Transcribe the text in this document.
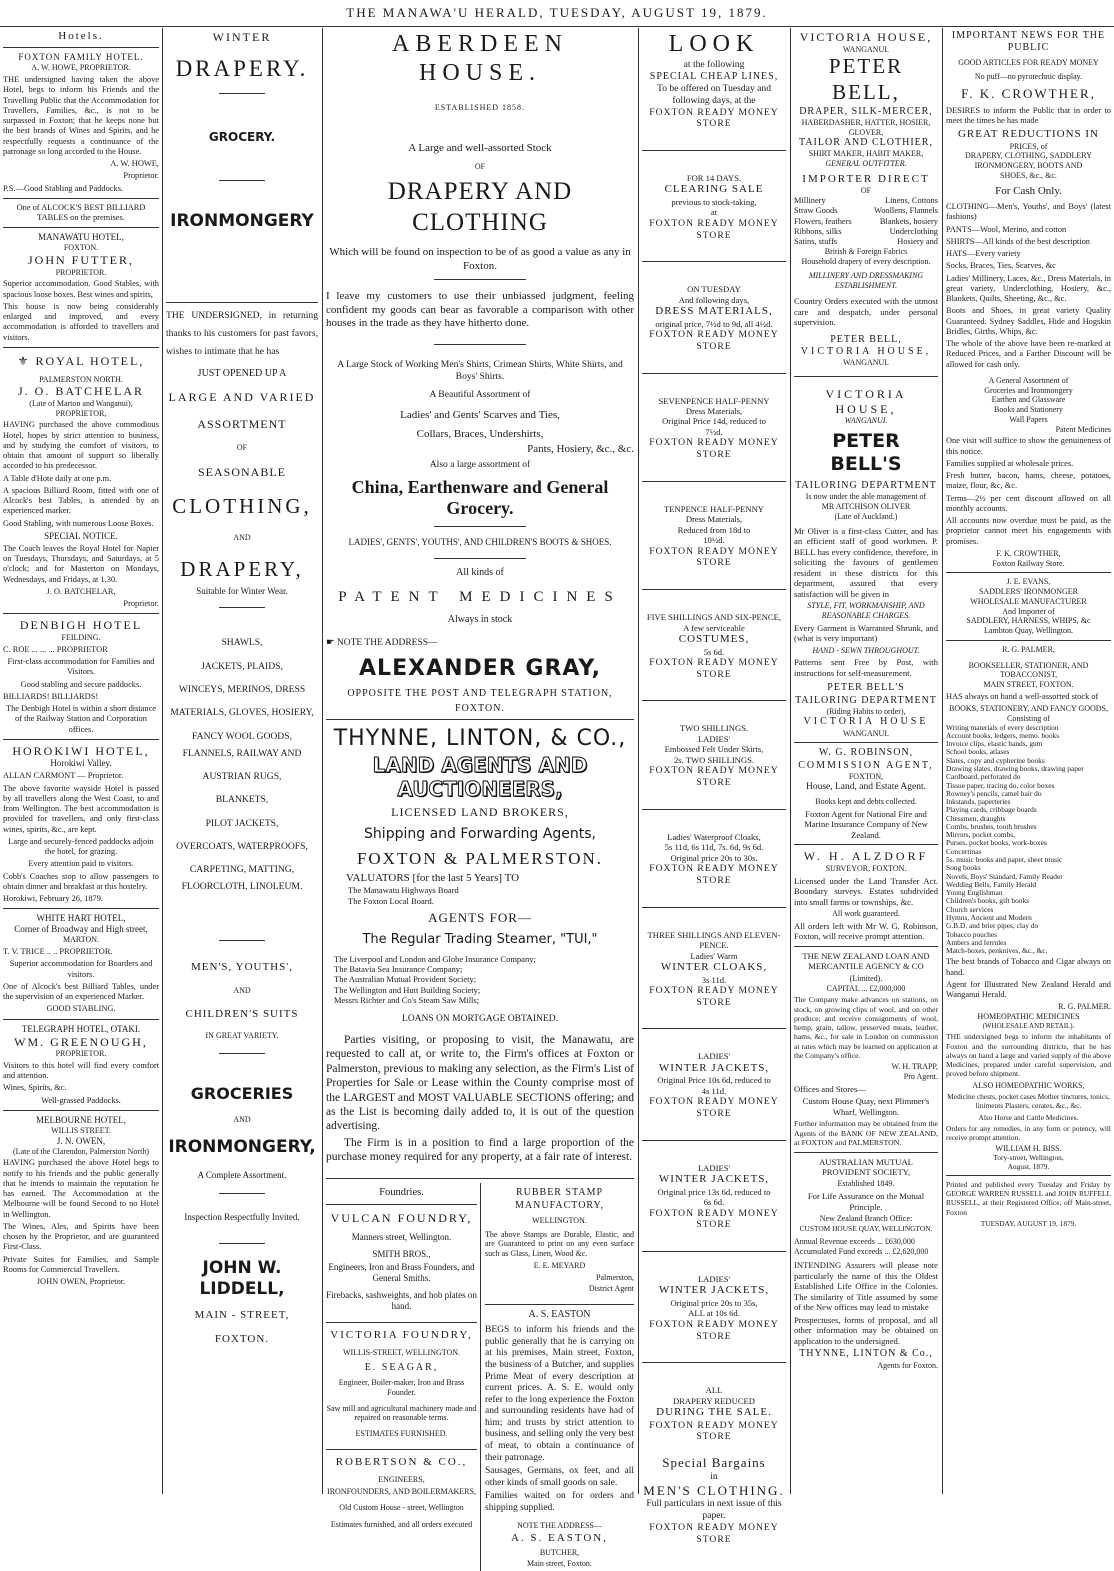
THE MANAWA'U HERALD, TUESDAY, AUGUST 19, 1879.
Hotels.
FOXTON FAMILY HOTEL.
A. W. HOWE, PROPRIETOR.

THE undersigned having taken the above Hotel, begs to inform his Friends and the Travelling Public that the Accommodation for Travellers, Families, &c., is not to be surpassed in Foxton; that he keeps none but the best brands of Wines and Spirits, and he respectfully requests a continuance of the patronage so long accorded to the House.

A. W. HOWE,

Proprietor.

P.S.—Good Stabling and Paddocks.

One of ALCOCK'S BEST BILLIARD TABLES on the premises.

MANAWATU HOTEL,
FOXTON.
JOHN FUTTER,
PROPRIETOR.

Superior accommodation. Good Stables, with spacious loose boxes. Best wines and spirits,

This house is now being considerably enlarged and improved, and every accommodation is afforded to travellers and visitors.

⚜ ROYAL HOTEL,
PALMERSTON NORTH.
J. O. BATCHELAR
(Late of Marton and Wanganui),
PROPRIETOR,

HAVING purchased the above commodious Hotel, hopes by strict attention to business, and by studying the comfort of visitors, to obtain that amount of support so liberally accorded to his predecessor.

A Table d'Hote daily at one p.m.

A spacious Billiard Room, fitted with one of Alcock's best Tables, is attended by an experienced marker.

Good Stabling, with numerous Loose Boxes.

SPECIAL NOTICE.

The Coach leaves the Royal Hotel for Napier on Tuesdays, Thursdays, and Saturdays, at 5 o'clock; and for Masterton on Mondays, Wednesdays, and Fridays, at 1.30.

J. O. BATCHELAR,

Proprietor.

DENBIGH HOTEL
FEILDING.

C. ROE ... ... ... PROPRIETOR

First-class accommodation for Families and Visitors.

Good stabling and secure paddocks.

BILLIARDS! BILLIARDS!

The Denbigh Hotel is within a short distance of the Railway Station and Corporation offices.

HOROKIWI HOTEL,
Horokiwi Valley.

ALLAN CARMONT — Proprietor.

The above favorite wayside Hotel is passed by all travellers along the West Coast, to and from Wellington. The best accommodation is provided for travellers, and only first-class wines, spirits, &c., are kept.

Large and securely-fenced paddocks adjoin the hotel, for grazing.

Every attention paid to visitors.

Cobb's Coaches stop to allow passengers to obtain dinner and breakfast at this hostelry.

Horokiwi, February 26, 1879.

WHITE HART HOTEL,
Corner of Broadway and High street,
MARTON.

T. V. TRICE .. .. PROPRIETOR.

Superior accommodation for Boarders and visitors.

One of Alcock's best Billiard Tables, under the supervision of an experienced Marker.

GOOD STABLING.

TELEGRAPH HOTEL, OTAKI.
WM. GREENOUGH,
PROPRIETOR.

Visitors to this hotel will find every comfort and attention.

Wines, Spirits, &c.

Well-grassed Paddocks.

MELBOURNE HOTEL,
WILLIS STREET.
J. N. OWEN,
(Late of the Clarendon, Palmerston North)

HAVING purchased the above Hotel begs to notify to his friends and the public generally that he intends to maintain the reputation he has earned. The Accommodation at the Melbourne will be found Second to no Hotel in Wellington.

The Wines, Ales, and Spirits have been chosen by the Proprietor, and are guaranteed First-Class.

Private Suites for Families, and Sample Rooms for Commercial Travellers.

JOHN OWEN, Proprietor.

WINTER
DRAPERY.
GROCERY.
IRONMONGERY

THE UNDERSIGNED, in returning thanks to his customers for past favors, wishes to intimate that he has

JUST OPENED UP A
LARGE AND VARIED
ASSORTMENT
OF
SEASONABLE
CLOTHING,
AND
DRAPERY,
Suitable for Winter Wear.
SHAWLS,
JACKETS, PLAIDS,
WINCEYS, MERINOS, DRESS
MATERIALS, GLOVES, HOSIERY,
FANCY WOOL GOODS, FLANNELS, RAILWAY AND
AUSTRIAN RUGS,
BLANKETS,
PILOT JACKETS,
OVERCOATS, WATERPROOFS,
CARPETING, MATTING, FLOORCLOTH, LINOLEUM.
MEN'S, YOUTHS',
AND
CHILDREN'S SUITS
IN GREAT VARIETY.
GROCERIES
AND
IRONMONGERY,
A Complete Assortment.
Inspection Respectfully Invited.
JOHN W. LIDDELL,
MAIN - STREET,
FOXTON.
ABERDEEN HOUSE.
ESTABLISHED 1858.
A Large and well-assorted Stock
OF
DRAPERY AND CLOTHING

Which will be found on inspection to be of as good a value as any in Foxton.

I leave my customers to use their unbiassed judgment, feeling confident my goods can bear as favorable a comparison with other houses in the trade as they have hitherto done.

A Large Stock of Working Men's Shirts, Crimean Shirts, White Shirts, and Boys' Shirts.

A Beautiful Assortment of

Ladies' and Gents' Scarves and Ties,

Collars, Braces, Undershirts,

Pants, Hosiery, &c., &c.

Also a large assortment of

China, Earthenware and General Grocery.

LADIES', GENTS', YOUTHS', AND CHILDREN'S BOOTS & SHOES.

All kinds of

PATENT MEDICINES

Always in stock

☛ NOTE THE ADDRESS—

ALEXANDER GRAY,

OPPOSITE THE POST AND TELEGRAPH STATION,

FOXTON.

THYNNE, LINTON, & CO.,
LAND AGENTS AND AUCTIONEERS,
LICENSED LAND BROKERS,
Shipping and Forwarding Agents,
FOXTON & PALMERSTON.
VALUATORS [for the last 5 Years] TO
The Manawatu Highways Board
The Foxton Local Board.
AGENTS FOR—
The Regular Trading Steamer, "TUI,"
The Liverpool and London and Globe Insurance Company;
The Batavia Sea Insurance Company;
The Australian Mutual Provident Society;
The Wellington and Hutt Building Society;
Messrs Richter and Co's Steam Saw Mills;
LOANS ON MORTGAGE OBTAINED.

Parties visiting, or proposing to visit, the Manawatu, are requested to call at, or write to, the Firm's offices at Foxton or Palmerston, previous to making any selection, as the Firm's List of Properties for Sale or Lease within the County comprise most of the LARGEST and MOST VALUABLE SECTIONS offering; and as the List is becoming daily added to, it is out of the question advertising.

The Firm is in a position to find a large proportion of the purchase money required for any property, at a fair rate of interest.

Foundries.
VULCAN FOUNDRY,

Manners street, Wellington.

SMITH BROS.,

Engineers, Iron and Brass Founders, and General Smiths.

Firebacks, sashweights, and hob plates on hand.

VICTORIA FOUNDRY,

WILLIS-STREET, WELLINGTON.

E. SEAGAR,

Engineer, Boiler-maker, Iron and Brass Founder.

Saw mill and agricultural machinery made and repaired on reasonable terms.

ESTIMATES FURNISHED.

ROBERTSON & CO.,

ENGINEERS,

IRONFOUNDERS, AND BOILERMAKERS,

Old Custom House - street, Wellington

Estimates furnished, and all orders executed

RUBBER STAMP MANUFACTORY,

WELLINGTON.

The above Stamps are Durable, Elastic, and are Guaranteed to print on any even surface such as Glass, Linen, Wood &c.

E. E. MEYARD

Palmerston,

District Agent

A. S. EASTON

BEGS to inform his friends and the public generally that he is carrying on at his premises, Main street, Foxton, the business of a Butcher, and supplies Prime Meat of every description at current prices. A. S. E. would only refer to the long experience the Foxton and surrounding residents have had of him; and trusts by strict attention to business, and selling only the very best of meat, to obtain a continuance of their patronage.

Sausages, Germans, ox feet, and all other kinds of small goods on sale.

Families waited on for orders and shipping supplied.

NOTE THE ADDRESS—

A. S. EASTON,

BUTCHER,

Main street, Foxton.

LOOK
at the following
SPECIAL CHEAP LINES,
To be offered on Tuesday and following days, at the
FOXTON READY MONEY STORE
FOR 14 DAYS.
CLEARING SALE
previous to stock-taking,
at
FOXTON READY MONEY STORE
ON TUESDAY
And following days,
DRESS MATERIALS,
original price, 7½d to 9d, all 4½d.
FOXTON READY MONEY STORE
SEVENPENCE HALF-PENNY
Dress Materials,
Original Price 14d, reduced to
7½d.
FOXTON READY MONEY STORE
TENPENCE HALF-PENNY
Dress Materials,
Reduced from 18d to
10½d.
FOXTON READY MONEY STORE
FIVE SHILLINGS AND SIX-PENCE,
A few serviceable
COSTUMES,
5s 6d.
FOXTON READY MONEY STORE
TWO SHILLINGS.
LADIES'
Embossed Felt Under Skirts,
2s. TWO SHILLINGS.
FOXTON READY MONEY STORE
Ladies' Waterproof Cloaks,
5s 11d, 6s 11d, 7s. 6d, 9s 6d.
Original price 20s to 30s.
FOXTON READY MONEY STORE
THREE SHILLINGS AND ELEVEN-PENCE.
Ladies' Warm
WINTER CLOAKS,
3s 11d.
FOXTON READY MONEY STORE
LADIES'
WINTER JACKETS,
Original Price 10s 6d, reduced to
4s 11d.
FOXTON READY MONEY STORE
LADIES'
WINTER JACKETS,
Original price 13s 6d, reduced to
6s 6d.
FOXTON READY MONEY STORE
LADIES'
WINTER JACKETS,
Original price 20s to 35s,
ALL at 10s 6d.
FOXTON READY MONEY STORE
ALL
DRAPERY REDUCED
DURING THE SALE.
FOXTON READY MONEY STORE
Special Bargains
in
MEN'S CLOTHING.
Full particulars in next issue of this paper.
FOXTON READY MONEY STORE
VICTORIA HOUSE,
WANGANUI.
PETER BELL,
DRAPER, SILK-MERCER,
HABERDASHER, HATTER, HOSIER,
GLOVER,
TAILOR AND CLOTHIER,
SHIRT MAKER, HABIT MAKER,
GENERAL OUTFITTER.
IMPORTER DIRECT
OF
Millinery	Linens, Cottons
Straw Goods	Woollens, Flannels
Flowers, feathers	Blankets, hosiery
Ribbons, silks	Underclothing
Satins, stuffs	Hosiery and
British & Foreign Fabrics
Household drapery of every description.
MILLINERY AND DRESSMAKING
ESTABLISHMENT.

Country Orders executed with the utmost care and despatch, under personal supervision.

PETER BELL,
VICTORIA HOUSE,
WANGANUI.
VICTORIA HOUSE,
WANGANUI.
PETER BELL'S
TAILORING DEPARTMENT
Is now under the able management of
MR AITCHISON OLIVER
(Late of Auckland.)

Mr Oliver is a first-class Cutter, and has an efficient staff of good workmen. P. BELL has every confidence, therefore, in soliciting the favours of gentlemen resident in these districts for this department, assured that every satisfaction will be given in

STYLE, FIT, WORKMANSHIP, AND
REASONABLE CHARGES.

Every Garment is Warranted Shrunk, and (what is very important)

HAND - SEWN THROUGHOUT.

Patterns sent Free by Post, with instructions for self-measurement.

PETER BELL'S
TAILORING DEPARTMENT
(Riding Habits to order),
VICTORIA HOUSE
WANGANUI.
W. G. ROBINSON,
COMMISSION AGENT,
FOXTON,
House, Land, and Estate Agent.
Books kept and debts collected.

Foxton Agent for National Fire and Marine Insurance Company of New Zealand.

W. H. ALZDORF
SURVEYOR, FOXTON.

Licensed under the Land Transfer Act. Boundary surveys. Estates subdivided into small farms or townships, &c.

All work guaranteed.

All orders left with Mr W. G. Robinson, Foxton, will receive prompt attention.

THE NEW ZEALAND LOAN AND MERCANTILE AGENCY & CO

(Limited).
CAPITAL ... £2,000,000

The Company make advances on stations, on stock, on growing clips of wool, and on other produce; and receive consignments of wool, hemp, grain, tallow, preserved meats, leather, hams, &c., for sale in London on commission at rates which may be learned on application at the Company's office.

W. H. TRAPP,
Pro Agent.

Offices and Stores—

Custom House Quay, next Plimmer's Wharf, Wellington.

Further information may be obtained from the Agents of the BANK OF NEW ZEALAND, at FOXTON and PALMERSTON.

AUSTRALIAN MUTUAL PROVIDENT SOCIETY,

Established 1849.

For Life Assurance on the Mutual Principle.

New Zealand Branch Office:
CUSTOM HOUSE QUAY, WELLINGTON.
Annual Revenue exceeds ... £630,000
Accumulated Fund exceeds ... £2,620,000

INTENDING Assurers will please note particularly the name of this the Oldest Established Life Office in the Colonies. The similarity of Title assumed by some of the New offices may lead to mistake

Prospectuses, forms of proposal, and all other information may be obtained on application to the undersigned.

THYNNE, LINTON & Co.,
Agents for Foxton.
IMPORTANT NEWS FOR THE PUBLIC
GOOD ARTICLES FOR READY MONEY
No puff—no pyrotechnic display.
F. K. CROWTHER,

DESIRES to inform the Public that in order to meet the times he has made

GREAT REDUCTIONS IN
PRICES, of
DRAPERY, CLOTHING, SADDLERY
IRONMONGERY, BOOTS AND
SHOES, &c., &c.
For Cash Only.

CLOTHING—Men's, Youths', and Boys' (latest fashions)

PANTS—Wool, Merino, and cotton

SHIRTS—All kinds of the best description

HATS—Every variety

Socks, Braces, Ties, Scarves, &c

Ladies' Millinery, Laces, &c., Dress Materials, in great variety, Underclothing, Hosiery, &c., Blankets, Quilts, Sheeting, &c., &c.

Boots and Shoes, in great variety Quality Guaranteed. Sydney Saddles, Hide and Hogskin Bridles, Girths, Whips, &c.

The whole of the above have been re-marked at Reduced Prices, and a Farther Discount will be allowed for cash only.

A General Assortment of
Groceries and Ironmongery
Earthen and Glassware
Books and Stationery
Wall Papers
Patent Medicines

One visit will suffice to show the genuineness of this notice.

Families supplied at wholesale prices.

Fresh butter, bacon, hams, cheese, potatoes, maize, flour, &c, &c.

Terms—2½ per cent discount allowed on all monthly accounts.

All accounts now overdue must be paid, as the proprietor cannot meet his engagements with promises.

F. K. CROWTHER,
Foxton Railway Store.
J. E. EVANS,
SADDLERS' IRONMONGER
WHOLESALE MANUFACTURER
And Importer of
SADDLERY, HARNESS, WHIPS, &c
Lambton Quay, Wellington.
R. G. PALMER,
BOOKSELLER, STATIONER, AND TOBACCONIST,
MAIN STREET, FOXTON.

HAS always on hand a well-assorted stock of

BOOKS, STATIONERY, AND FANCY GOODS,
Consisting of
Writing materials of every description
Account books, ledgers, memo. books
Invoice clips, elastic bands, gum
School books, atlases
Slates, copy and cypherine books
Drawing slates, drawing books, drawing paper
Cardboard, perforated do
Tissue paper, tracing do, color boxes
Rowney's pencils, camel hair do
Inkstands, paperteries
Playing cards, cribbage boards
Chessmen, draughts
Combs, brushes, tooth brushes
Mirrors, pocket combs,
Purses, pocket books, work-boxes
Concertinas
5s. music books and paper, sheet music
Song books
Novels, Boys' Standard, Family Reader
Wedding Bells, Family Herald
Young Englishman
Children's books, gift books
Church services
Hymns, Ancient and Modern
G.B.D. and brier pipes, clay do
Tobacco pouches
Ambers and ferrules
Match-boxes, penknives, &c., &c.

The best brands of Tobacco and Cigar always on hand.

Agent for Illustrated New Zealand Herald and Wanganui Herald.

R. G. PALMER.
HOMEOPATHIC MEDICINES
(WHOLESALE AND RETAIL).

THE undersigned begs to inform the inhabitants of Foxton and the surrounding districts, that he has always on hand a large and varied supply of the above Medicines, prepared under careful supervision, and proved before shipment.

ALSO HOMEOPATHIC WORKS,

Medicine chests, pocket cases Mother tinctures, tonics, liniments Plasters, cerates, &c., &c.

Also Horse and Cattle Medicines.

Orders for any remedies, in any form or potency, will receive prompt attention.

WILLIAM H. BISS.
Tory-street, Wellington,
August, 1879.

Printed and published every Tuesday and Friday by GEORGE WARREN RUSSELL and JOHN RUFFELL RUSSELL, at their Registered Office, off Main-street, Foxton

TUESDAY, AUGUST 19, 1879.
